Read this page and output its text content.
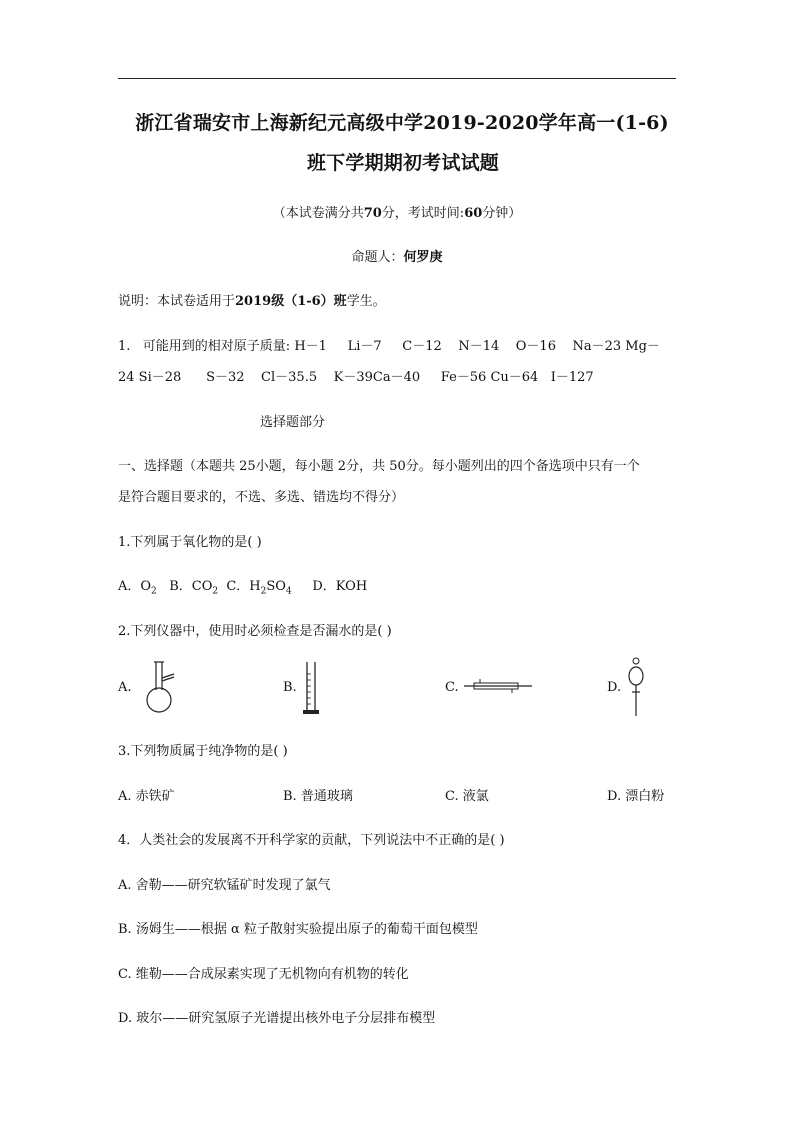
浙江省瑞安市上海新纪元高级中学2019-2020学年高一(1-6)
班下学期期初考试试题
（本试卷满分共70分，考试时间:60分钟）
命题人：何罗庚
说明：本试卷适用于2019级（1-6）班学生。
1.   可能用到的相对原子质量: H－1     Li－7     C－12    N－14    O－16    Na－23 Mg－
24 Si－28      S－32    Cl－35.5    K－39Ca－40     Fe－56 Cu－64   I－127
选择题部分
一、选择题（本题共 25小题，每小题 2分，共 50分。每小题列出的四个备选项中只有一个
是符合题目要求的，不选、多选、错选均不得分）
1.下列属于氧化物的是( )
A．$O_2$ B．$CO_2$ C．$H_2SO_4$ D．KOH
2.下列仪器中，使用时必须检查是否漏水的是( )
A.	B.	C.	D.
3.下列物质属于纯净物的是( )
A. 赤铁矿	B. 普通玻璃	C. 液氯	D. 漂白粉
4．人类社会的发展离不开科学家的贡献，下列说法中不正确的是( )
A. 舍勒——研究软锰矿时发现了氯气
B. 汤姆生——根据 α 粒子散射实验提出原子的葡萄干面包模型
C. 维勒——合成尿素实现了无机物向有机物的转化
D. 玻尔——研究氢原子光谱提出核外电子分层排布模型
